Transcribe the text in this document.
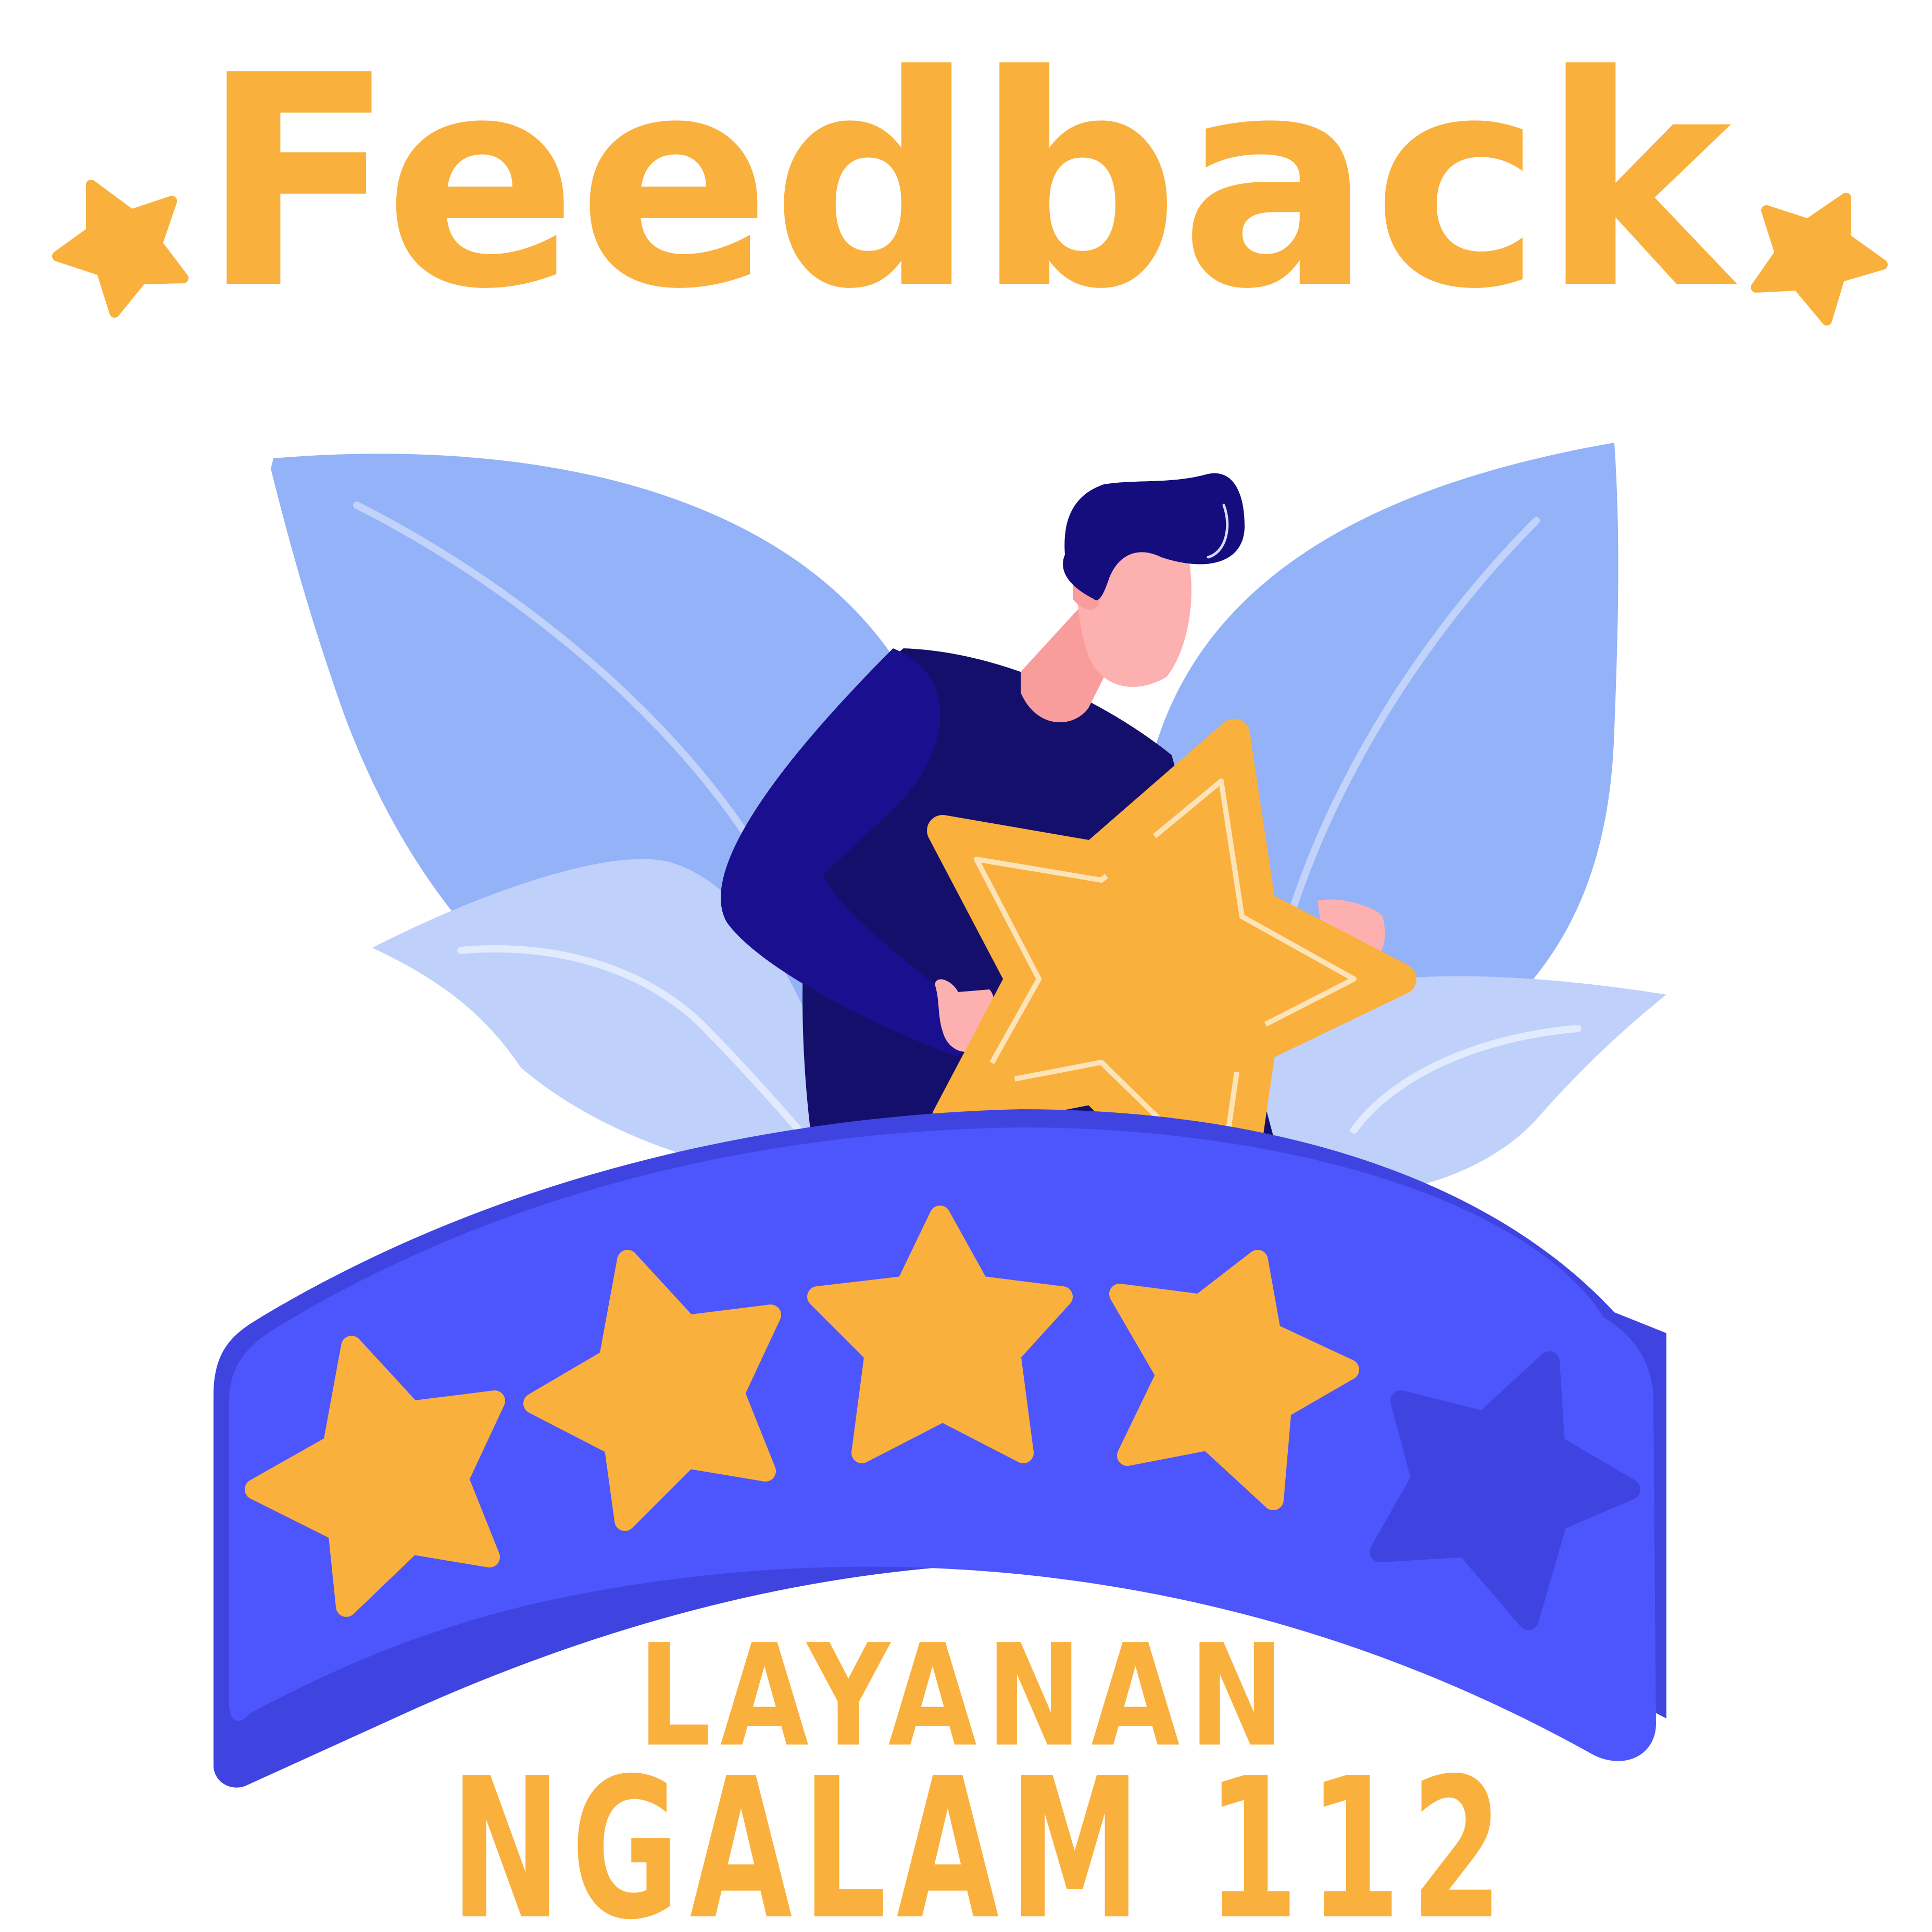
Feedback
LAYANAN
NGALAM 112
